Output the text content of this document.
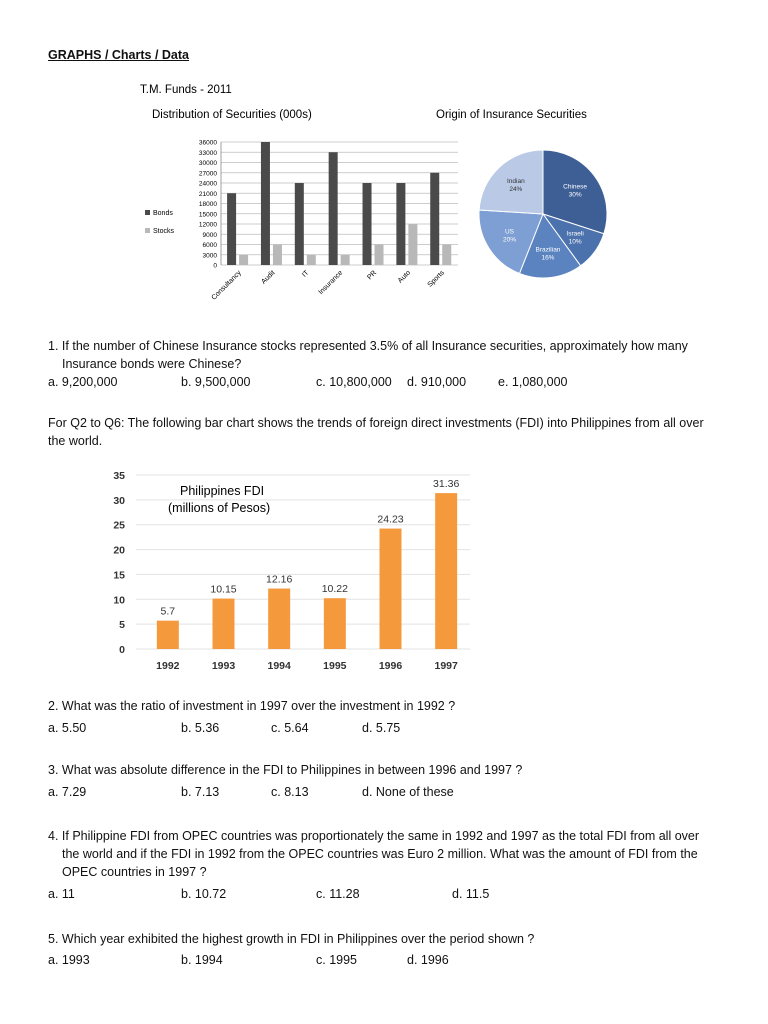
GRAPHS / Charts / Data
T.M. Funds - 2011
Distribution of Securities (000s)	Origin of Insurance Securities
0
3000
6000
9000
12000
15000
18000
21000
24000
27000
30000
33000
36000
Consultancy	Audit	IT Insurance	PR	Auto Sports
Bonds
Stocks
Chinese
30%
Israeli
10%
Brazilian
16%
US
20%
Indian
24%
1. If the number of Chinese Insurance stocks represented 3.5% of all Insurance securities, approximately how many
Insurance bonds were Chinese?
a. 9,200,000	b. 9,500,000	c. 10,800,000 d. 910,000	e. 1,080,000
For Q2 to Q6: The following bar chart shows the trends of foreign direct investments (FDI) into Philippines from all over
the world.
0
5
10
15
20
25
30
35
Philippines FDI
(millions of Pesos)
5.7
1992
10.15
1993
12.16
1994
10.22
1995
24.23
1996
31.36
1997
2. What was the ratio of investment in 1997 over the investment in 1992 ?
a. 5.50	b. 5.36	c. 5.64	d. 5.75
3. What was absolute difference in the FDI to Philippines in between 1996 and 1997 ?
a. 7.29	b. 7.13	c. 8.13	d. None of these
4. If Philippine FDI from OPEC countries was proportionately the same in 1992 and 1997 as the total FDI from all over
the world and if the FDI in 1992 from the OPEC countries was Euro 2 million. What was the amount of FDI from the
OPEC countries in 1997 ?
a. 11	b. 10.72	c. 11.28	d. 11.5
5. Which year exhibited the highest growth in FDI in Philippines over the period shown ?
a. 1993	b. 1994	c. 1995	d. 1996
